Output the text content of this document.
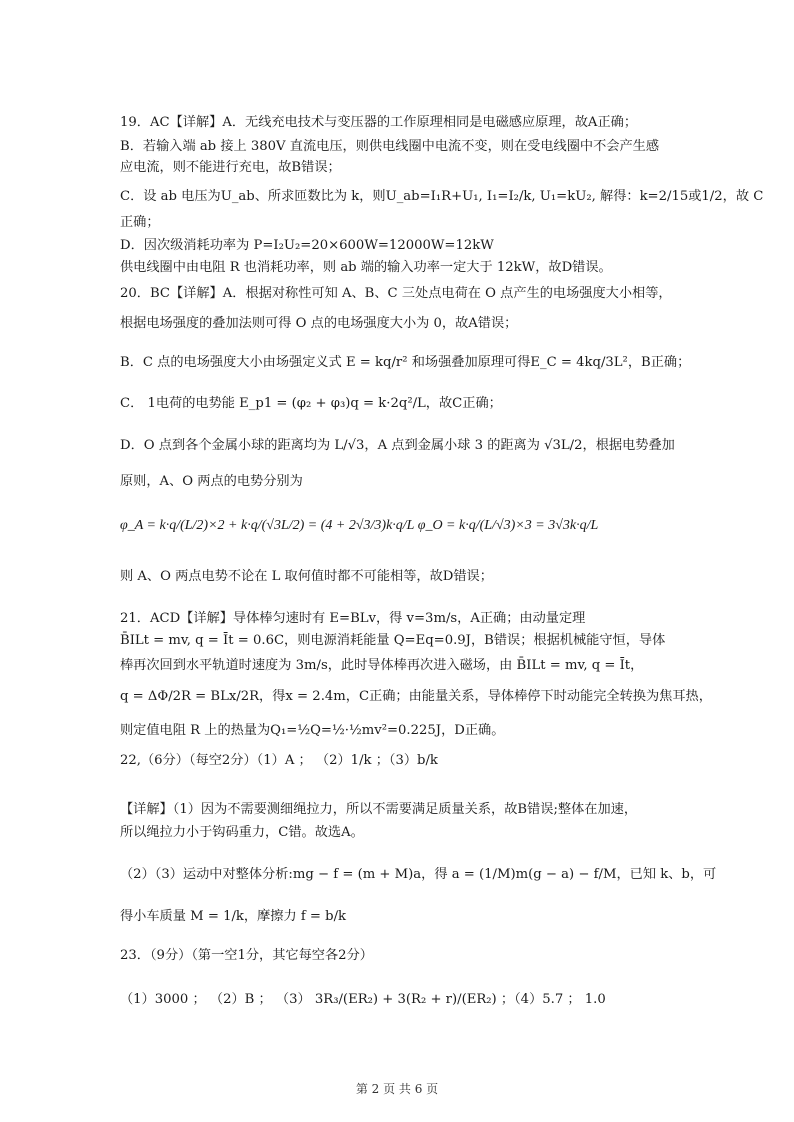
19．AC【详解】A．无线充电技术与变压器的工作原理相同是电磁感应原理，故A正确；
B．若输入端 ab 接上 380V 直流电压，则供电线圈中电流不变，则在受电线圈中不会产生感
应电流，则不能进行充电，故B错误；
C．设 ab 电压为U_ab、所求匝数比为 k，则U_ab=I₁R+U₁, I₁=I₂/k, U₁=kU₂, 解得：k=2/15或1/2，故 C
正确；
D．因次级消耗功率为 P=I₂U₂=20×600W=12000W=12kW
供电线圈中由电阻 R 也消耗功率，则 ab 端的输入功率一定大于 12kW，故D错误。
20．BC【详解】A．根据对称性可知 A、B、C 三处点电荷在 O 点产生的电场强度大小相等，
根据电场强度的叠加法则可得 O 点的电场强度大小为 0，故A错误；
B．C 点的电场强度大小由场强定义式 E = kq/r² 和场强叠加原理可得E_C = 4kq/3L²，B正确；
C． 1电荷的电势能 E_p1 = (φ₂ + φ₃)q = k·2q²/L，故C正确；
D．O 点到各个金属小球的距离均为 L/√3，A 点到金属小球 3 的距离为 √3L/2，根据电势叠加
原则，A、O 两点的电势分别为
φ_A = k·q/(L/2)×2 + k·q/(√3L/2) = (4 + 2√3/3)k·q/L φ_O = k·q/(L/√3)×3 = 3√3k·q/L
则 A、O 两点电势不论在 L 取何值时都不可能相等，故D错误；
21．ACD【详解】导体棒匀速时有 E=BLv，得 v=3m/s，A正确；由动量定理
B̄ILt = mv, q = Īt = 0.6C，则电源消耗能量 Q=Eq=0.9J，B错误；根据机械能守恒，导体
棒再次回到水平轨道时速度为 3m/s，此时导体棒再次进入磁场，由 B̄ILt = mv, q = Īt，
q = ΔΦ/2R = BLx/2R，得x = 2.4m，C正确；由能量关系，导体棒停下时动能完全转换为焦耳热，
则定值电阻 R 上的热量为Q₁=½Q=½·½mv²=0.225J，D正确。
22,（6分）（每空2分）（1）A ； （2）1/k ；（3）b/k
【详解】（1）因为不需要测细绳拉力，所以不需要满足质量关系，故B错误;整体在加速，
所以绳拉力小于钩码重力，C错。故选A。
（2）（3）运动中对整体分析:mg − f = (m + M)a，得 a = (1/M)m(g − a) − f/M，已知 k、b，可
得小车质量 M = 1/k，摩擦力 f = b/k
23．（9分）（第一空1分，其它每空各2分）
（1）3000 ； （2）B ； （3） 3R₃/(ER₂) + 3(R₂ + r)/(ER₂) ；（4）5.7 ； 1.0
第 2 页 共 6 页
